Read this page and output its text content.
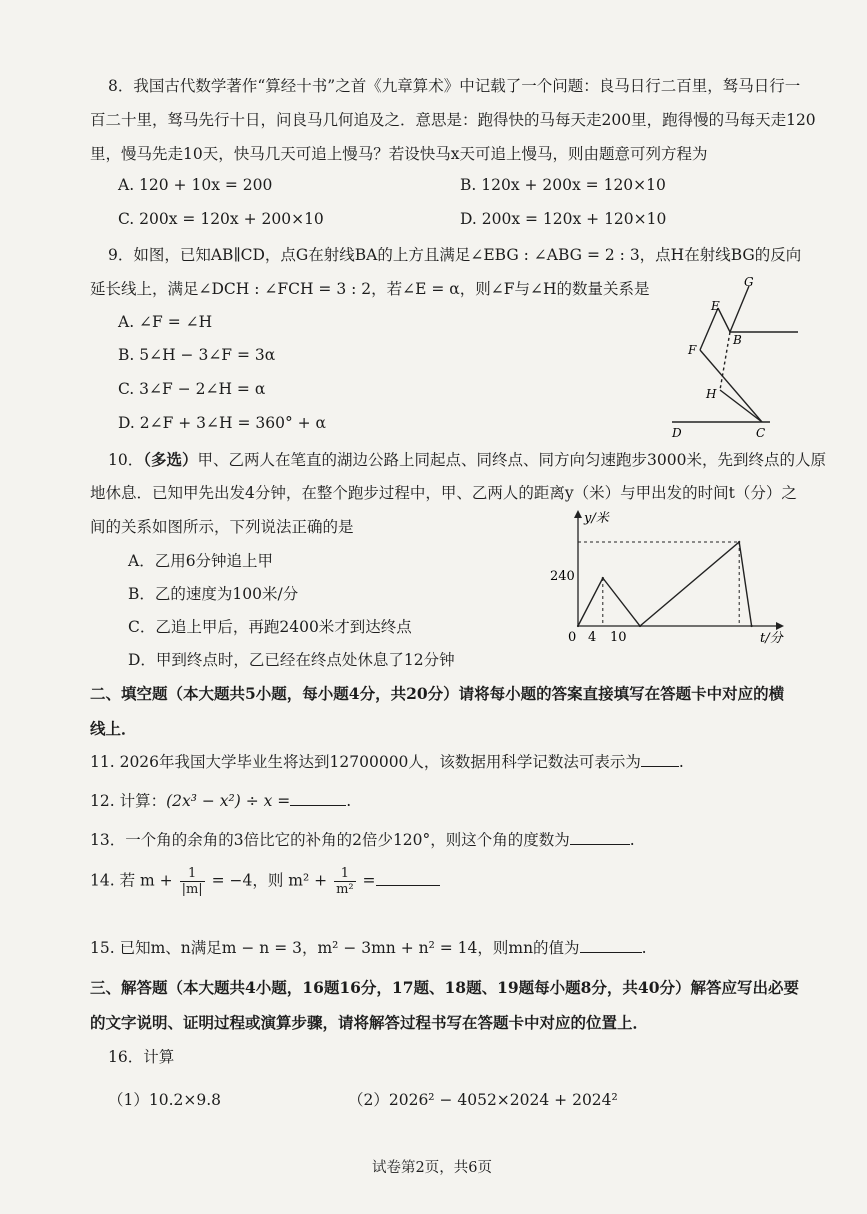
8．我国古代数学著作“算经十书”之首《九章算术》中记载了一个问题：良马日行二百里，驽马日行一
百二十里，驽马先行十日，问良马几何追及之．意思是：跑得快的马每天走200里，跑得慢的马每天走120
里，慢马先走10天，快马几天可追上慢马？若设快马x天可追上慢马，则由题意可列方程为
A. 120 + 10x = 200	B. 120x + 200x = 120×10
C. 200x = 120x + 200×10	D. 200x = 120x + 120×10
9．如图，已知AB∥CD，点G在射线BA的上方且满足∠EBG : ∠ABG = 2 : 3，点H在射线BG的反向
延长线上，满足∠DCH : ∠FCH = 3 : 2，若∠E = α，则∠F与∠H的数量关系是
A. ∠F = ∠H
B. 5∠H − 3∠F = 3α
C. 3∠F − 2∠H = α
D. 2∠F + 3∠H = 360° + α
G
E
B
F
H
D	C
10．（多选）甲、乙两人在笔直的湖边公路上同起点、同终点、同方向匀速跑步3000米，先到终点的人原
地休息．已知甲先出发4分钟，在整个跑步过程中，甲、乙两人的距离y（米）与甲出发的时间t（分）之
间的关系如图所示，下列说法正确的是
A．乙用6分钟追上甲
B．乙的速度为100米/分
C．乙追上甲后，再跑2400米才到达终点
D．甲到终点时，乙已经在终点处休息了12分钟
y/米
t/分
240
0 4 10
二、填空题（本大题共5小题，每小题4分，共20分）请将每小题的答案直接填写在答题卡中对应的横
线上．
11. 2026年我国大学毕业生将达到12700000人，该数据用科学记数法可表示为 .
12. 计算：(2x³ − x²) ÷ x =	.
13．一个角的余角的3倍比它的补角的2倍少120°，则这个角的度数为	.
14. 若 $m + \frac{1}{|m|} = -4$，则 $m^2 + \frac{1}{\text{m²}}$ =
15. 已知m、n满足m − n = 3，m² − 3mn + n² = 14，则mn的值为	.
三、解答题（本大题共4小题，16题16分，17题、18题、19题每小题8分，共40分）解答应写出必要
的文字说明、证明过程或演算步骤，请将解答过程书写在答题卡中对应的位置上．
16．计算
（1）10.2×9.8	（2）2026² − 4052×2024 + 2024²
试卷第2页，共6页
